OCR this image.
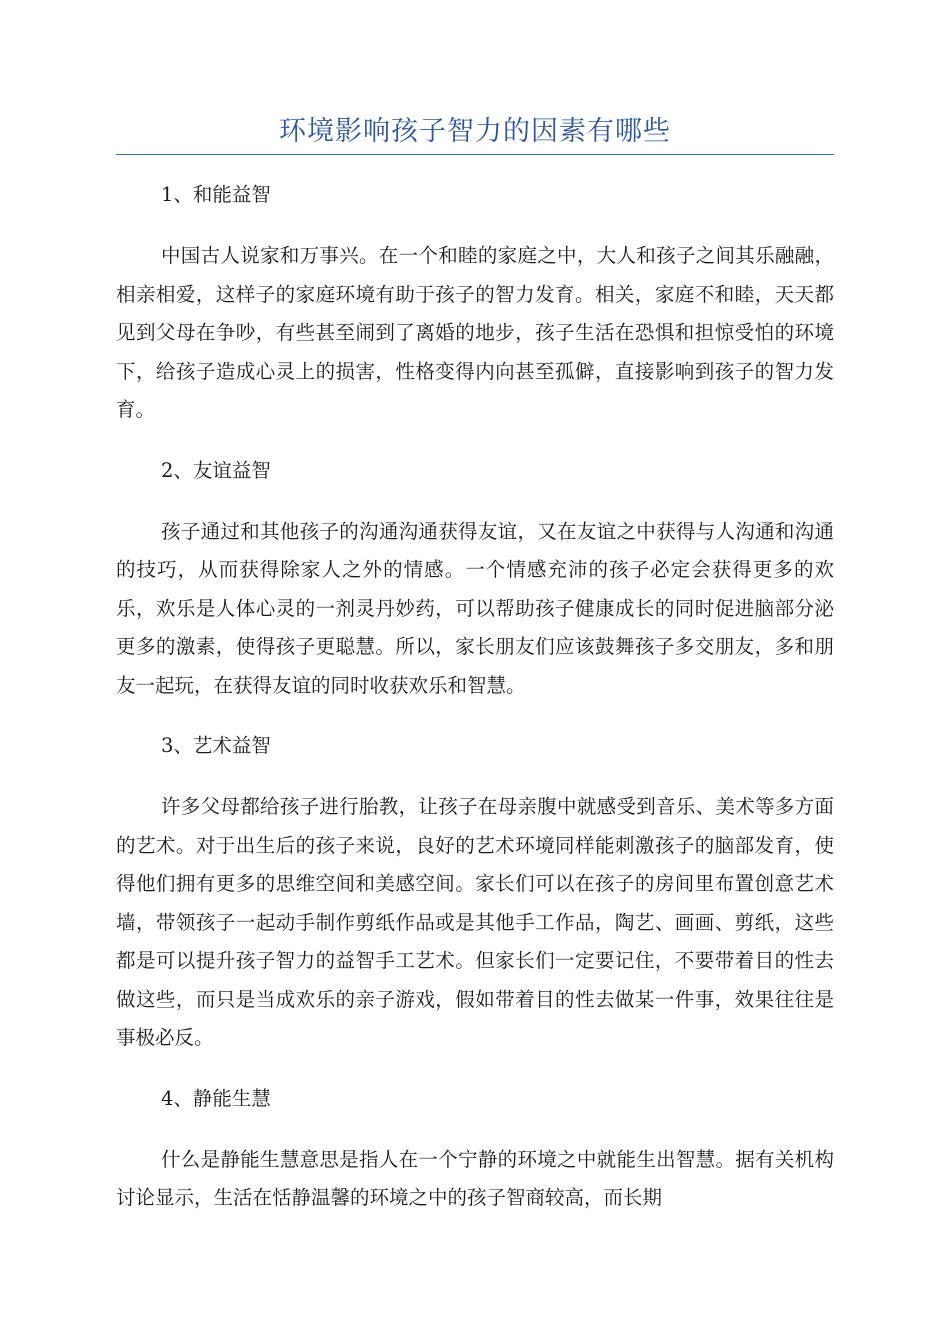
环境影响孩子智力的因素有哪些

1、和能益智

中国古人说家和万事兴。在一个和睦的家庭之中，大人和孩子之间其乐融融，相亲相爱，这样子的家庭环境有助于孩子的智力发育。相关，家庭不和睦，天天都见到父母在争吵，有些甚至闹到了离婚的地步，孩子生活在恐惧和担惊受怕的环境下，给孩子造成心灵上的损害，性格变得内向甚至孤僻，直接影响到孩子的智力发育。

2、友谊益智

孩子通过和其他孩子的沟通沟通获得友谊，又在友谊之中获得与人沟通和沟通的技巧，从而获得除家人之外的情感。一个情感充沛的孩子必定会获得更多的欢乐，欢乐是人体心灵的一剂灵丹妙药，可以帮助孩子健康成长的同时促进脑部分泌更多的激素，使得孩子更聪慧。所以，家长朋友们应该鼓舞孩子多交朋友，多和朋友一起玩，在获得友谊的同时收获欢乐和智慧。

3、艺术益智

许多父母都给孩子进行胎教，让孩子在母亲腹中就感受到音乐、美术等多方面的艺术。对于出生后的孩子来说，良好的艺术环境同样能刺激孩子的脑部发育，使得他们拥有更多的思维空间和美感空间。家长们可以在孩子的房间里布置创意艺术墙，带领孩子一起动手制作剪纸作品或是其他手工作品，陶艺、画画、剪纸，这些都是可以提升孩子智力的益智手工艺术。但家长们一定要记住，不要带着目的性去做这些，而只是当成欢乐的亲子游戏，假如带着目的性去做某一件事，效果往往是事极必反。

4、静能生慧

什么是静能生慧意思是指人在一个宁静的环境之中就能生出智慧。据有关机构讨论显示，生活在恬静温馨的环境之中的孩子智商较高，而长期
